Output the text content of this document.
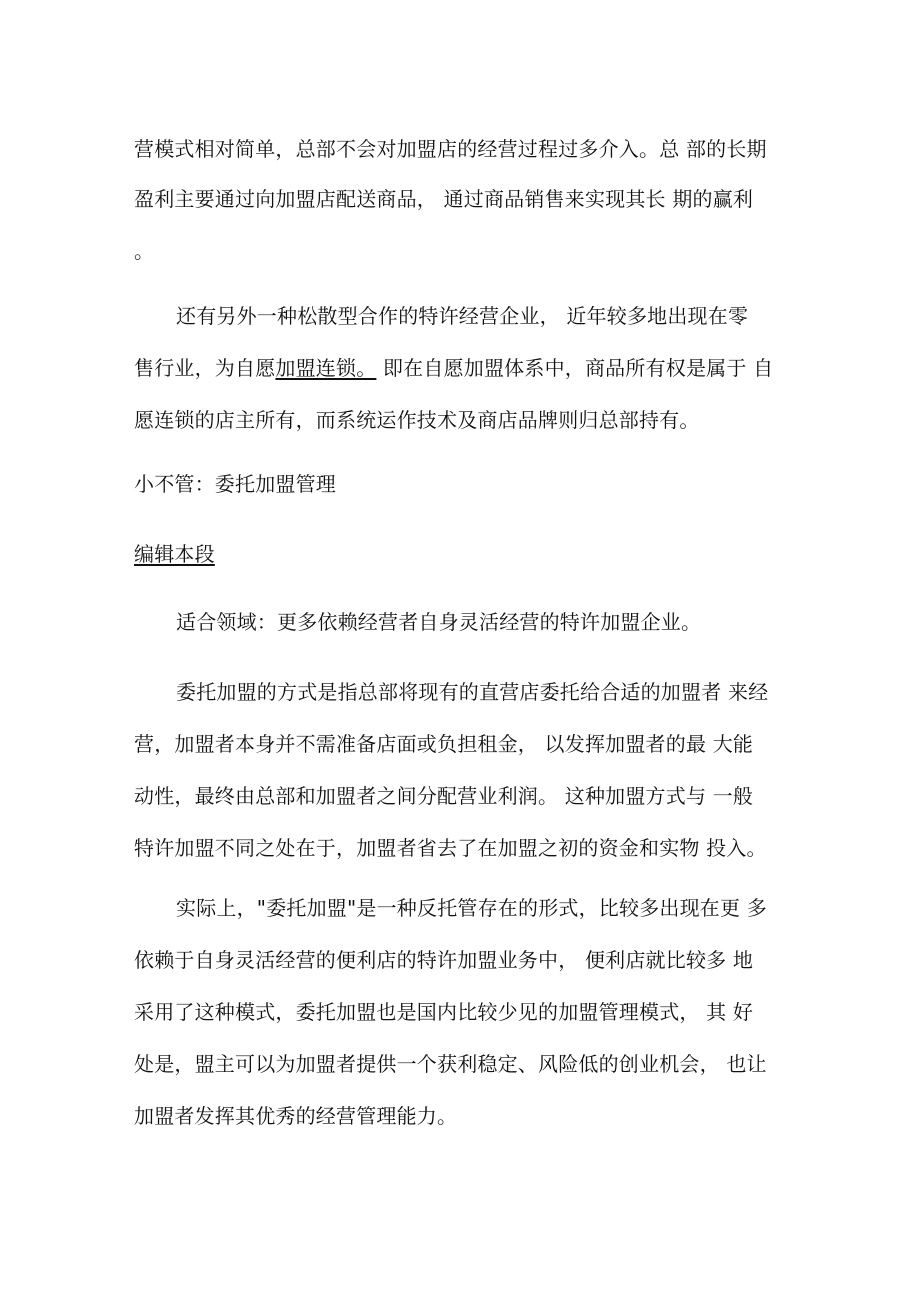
营模式相对简单，总部不会对加盟店的经营过程过多介入。总 部的长期
盈利主要通过向加盟店配送商品， 通过商品销售来实现其长 期的赢利
。
还有另外一种松散型合作的特许经营企业， 近年较多地出现在零
售行业，为自愿加盟连锁。 即在自愿加盟体系中，商品所有权是属于 自
愿连锁的店主所有，而系统运作技术及商店品牌则归总部持有。
小不管：委托加盟管理
编辑本段
适合领域：更多依赖经营者自身灵活经营的特许加盟企业。
委托加盟的方式是指总部将现有的直营店委托给合适的加盟者 来经
营，加盟者本身并不需准备店面或负担租金， 以发挥加盟者的最 大能
动性，最终由总部和加盟者之间分配营业利润。 这种加盟方式与 一般
特许加盟不同之处在于，加盟者省去了在加盟之初的资金和实物 投入。
实际上，"委托加盟"是一种反托管存在的形式，比较多出现在更 多
依赖于自身灵活经营的便利店的特许加盟业务中， 便利店就比较多 地
采用了这种模式，委托加盟也是国内比较少见的加盟管理模式， 其 好
处是，盟主可以为加盟者提供一个获利稳定、风险低的创业机会， 也让
加盟者发挥其优秀的经营管理能力。
